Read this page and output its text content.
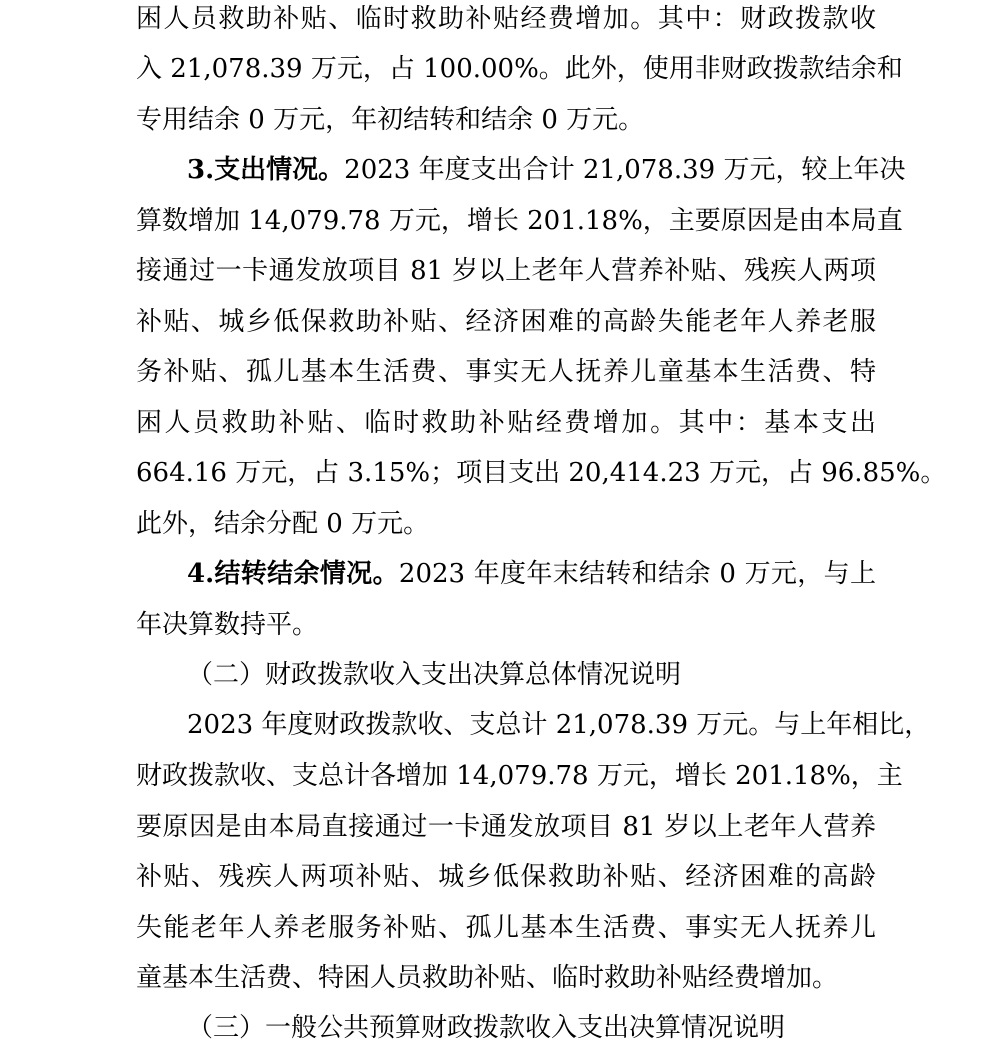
困人员救助补贴、临时救助补贴经费增加。其中：财政拨款收
入 21,078.39 万元，占 100.00%。此外，使用非财政拨款结余和
专用结余 0 万元，年初结转和结余 0 万元。
3.支出情况。2023 年度支出合计 21,078.39 万元，较上年决
算数增加 14,079.78 万元，增长 201.18%，主要原因是由本局直
接通过一卡通发放项目 81 岁以上老年人营养补贴、残疾人两项
补贴、城乡低保救助补贴、经济困难的高龄失能老年人养老服
务补贴、孤儿基本生活费、事实无人抚养儿童基本生活费、特
困人员救助补贴、临时救助补贴经费增加。其中：基本支出
664.16 万元，占 3.15%；项目支出 20,414.23 万元，占 96.85%。
此外，结余分配 0 万元。
4.结转结余情况。2023 年度年末结转和结余 0 万元，与上
年决算数持平。
（二）财政拨款收入支出决算总体情况说明
2023 年度财政拨款收、支总计 21,078.39 万元。与上年相比，
财政拨款收、支总计各增加 14,079.78 万元，增长 201.18%，主
要原因是由本局直接通过一卡通发放项目 81 岁以上老年人营养
补贴、残疾人两项补贴、城乡低保救助补贴、经济困难的高龄
失能老年人养老服务补贴、孤儿基本生活费、事实无人抚养儿
童基本生活费、特困人员救助补贴、临时救助补贴经费增加。
（三）一般公共预算财政拨款收入支出决算情况说明
